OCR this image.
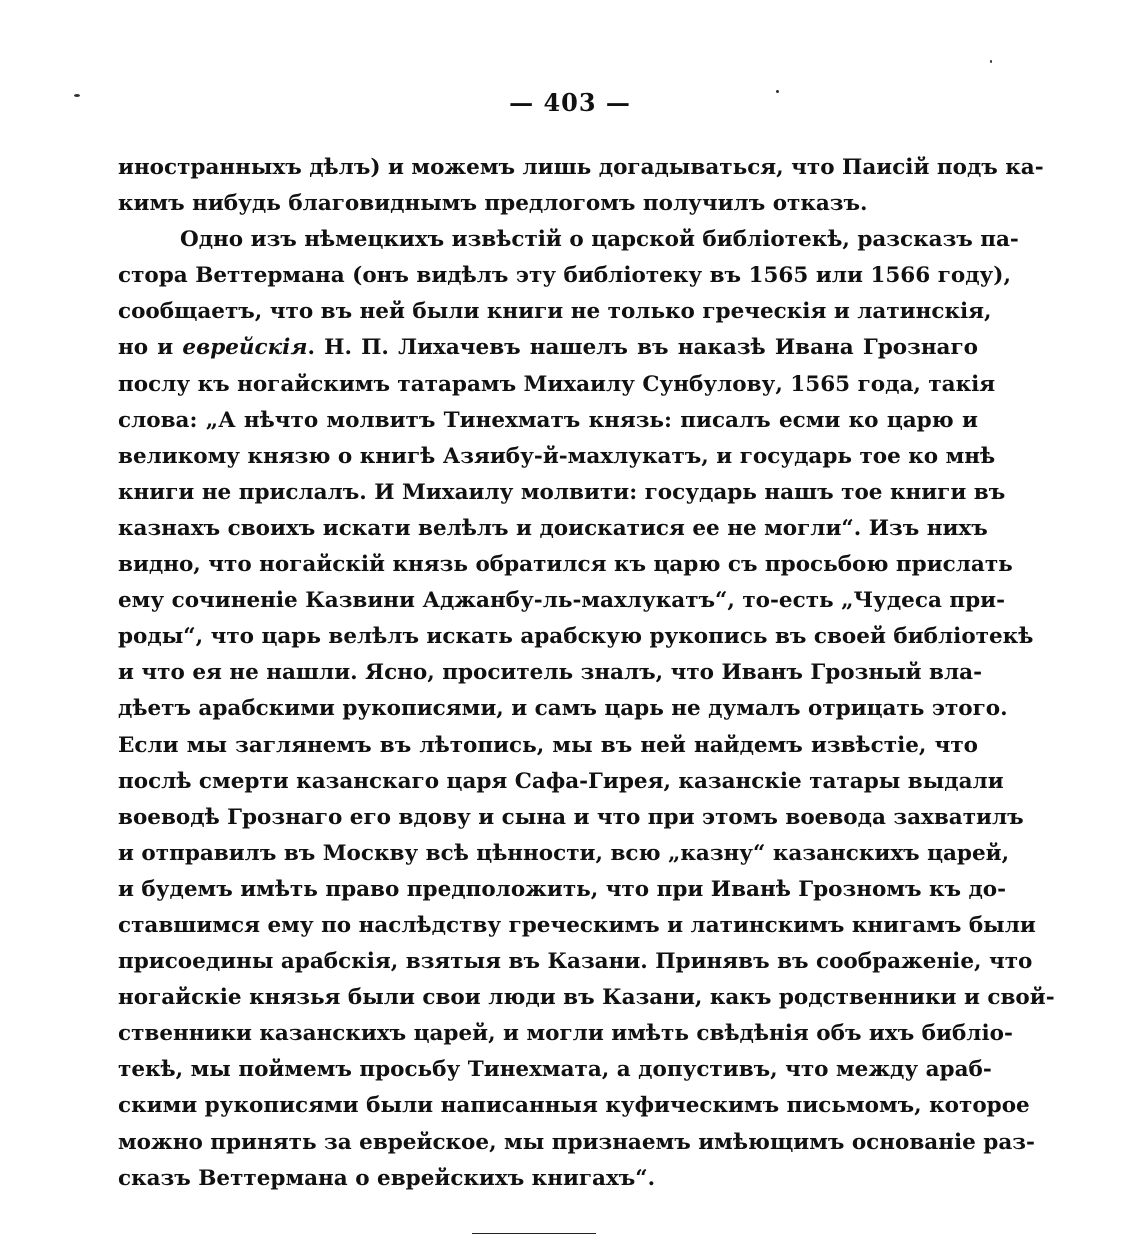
— 403 —
иностранныхъ дѣлъ) и можемъ лишь догадываться, что Паисій подъ ка-
кимъ нибудь благовиднымъ предлогомъ получилъ отказъ.
Одно изъ нѣмецкихъ извѣстій о царской библіотекѣ, разсказъ па-
стора Веттермана (онъ видѣлъ эту библіотеку въ 1565 или 1566 году),
сообщаетъ, что въ ней были книги не только греческія и латинскія,
но и еврейскія. Н. П. Лихачевъ нашелъ въ наказѣ Ивана Грознаго
послу къ ногайскимъ татарамъ Михаилу Сунбулову, 1565 года, такія
слова: „А нѣчто молвитъ Тинехматъ князь: писалъ есми ко царю и
великому князю о книгѣ Азяибу-й-махлукатъ, и государь тое ко мнѣ
книги не прислалъ. И Михаилу молвити: государь нашъ тое книги въ
казнахъ своихъ искати велѣлъ и доискатися ее не могли“. Изъ нихъ
видно, что ногайскій князь обратился къ царю съ просьбою прислать
ему сочиненіе Казвини Аджанбу-ль-махлукатъ“, то-есть „Чудеса при-
роды“, что царь велѣлъ искать арабскую рукопись въ своей библіотекѣ
и что ея не нашли. Ясно, проситель зналъ, что Иванъ Грозный вла-
дѣетъ арабскими рукописями, и самъ царь не думалъ отрицать этого.
Если мы заглянемъ въ лѣтопись, мы въ ней найдемъ извѣстіе, что
послѣ смерти казанскаго царя Сафа-Гирея, казанскіе татары выдали
воеводѣ Грознаго его вдову и сына и что при этомъ воевода захватилъ
и отправилъ въ Москву всѣ цѣнности, всю „казну“ казанскихъ царей,
и будемъ имѣть право предположить, что при Иванѣ Грозномъ къ до-
ставшимся ему по наслѣдству греческимъ и латинскимъ книгамъ были
присоедины арабскія, взятыя въ Казани. Принявъ въ соображеніе, что
ногайскіе князья были свои люди въ Казани, какъ родственники и свой-
ственники казанскихъ царей, и могли имѣть свѣдѣнія объ ихъ библіо-
текѣ, мы поймемъ просьбу Тинехмата, а допустивъ, что между араб-
скими рукописями были написанныя куфическимъ письмомъ, которое
можно принять за еврейское, мы признаемъ имѣющимъ основаніе раз-
сказъ Веттермана о еврейскихъ книгахъ“.
